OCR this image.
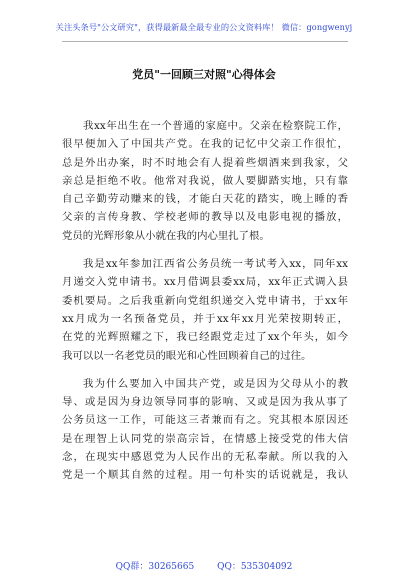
关注头条号"公文研究"，获得最新最全最专业的公文资料库！ 微信：gongwenyj
党员"一回顾三对照"心得体会
我xx年出生在一个普通的家庭中。父亲在检察院工作，
很早便加入了中国共产党。在我的记忆中父亲工作很忙，
总是外出办案，时不时地会有人提着些烟酒来到我家，父
亲总是拒绝不收。他常对我说，做人要脚踏实地，只有靠
自己辛勤劳动赚来的钱，才能白天花的踏实，晚上睡的香
父亲的言传身教、学校老师的教导以及电影电视的播放，
党员的光辉形象从小就在我的内心里扎了根。
我是xx年参加江西省公务员统一考试考入xx，同年xx
月递交入党申请书。xx月借调县委xx局，xx年正式调入县
委机要局。之后我重新向党组织递交入党申请书，于xx年
xx月成为一名预备党员，并于xx年xx月光荣按期转正，
在党的光辉照耀之下，我已经跟党走过了xx个年头，如今
我可以以一名老党员的眼光和心性回顾着自己的过往。
我为什么要加入中国共产党，或是因为父母从小的教
导、或是因为身边领导同事的影响、又或是因为我从事了
公务员这一工作，可能这三者兼而有之。究其根本原因还
是在理智上认同党的崇高宗旨，在情感上接受党的伟大信
念，在现实中感恩党为人民作出的无私奉献。所以我的入
党是一个顺其自然的过程。用一句朴实的话说就是，我认
QQ群：30265665	QQ：535304092
